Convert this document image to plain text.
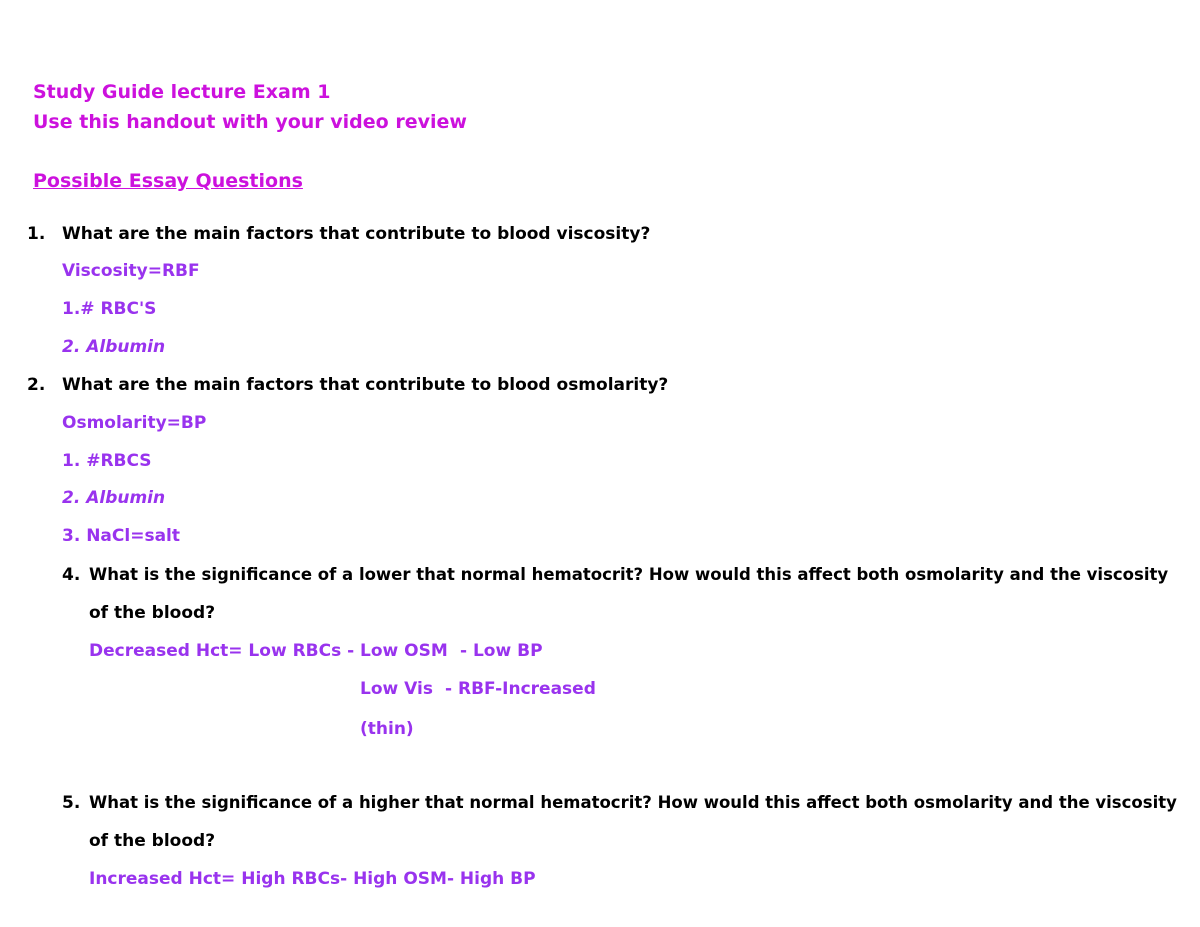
Study Guide lecture Exam 1
Use this handout with your video review
Possible Essay Questions
1. What are the main factors that contribute to blood viscosity?
Viscosity=RBF
1.# RBC'S
2. Albumin
2. What are the main factors that contribute to blood osmolarity?
Osmolarity=BP
1. #RBCS
2. Albumin
3. NaCl=salt
4. What is the significance of a lower that normal hematocrit? How would this affect both osmolarity and the viscosity
of the blood?
Decreased Hct= Low RBCs - Low OSM - Low BP
Low Vis - RBF-Increased
(thin)
5. What is the significance of a higher that normal hematocrit? How would this affect both osmolarity and the viscosity
of the blood?
Increased Hct= High RBCs- High OSM- High BP
